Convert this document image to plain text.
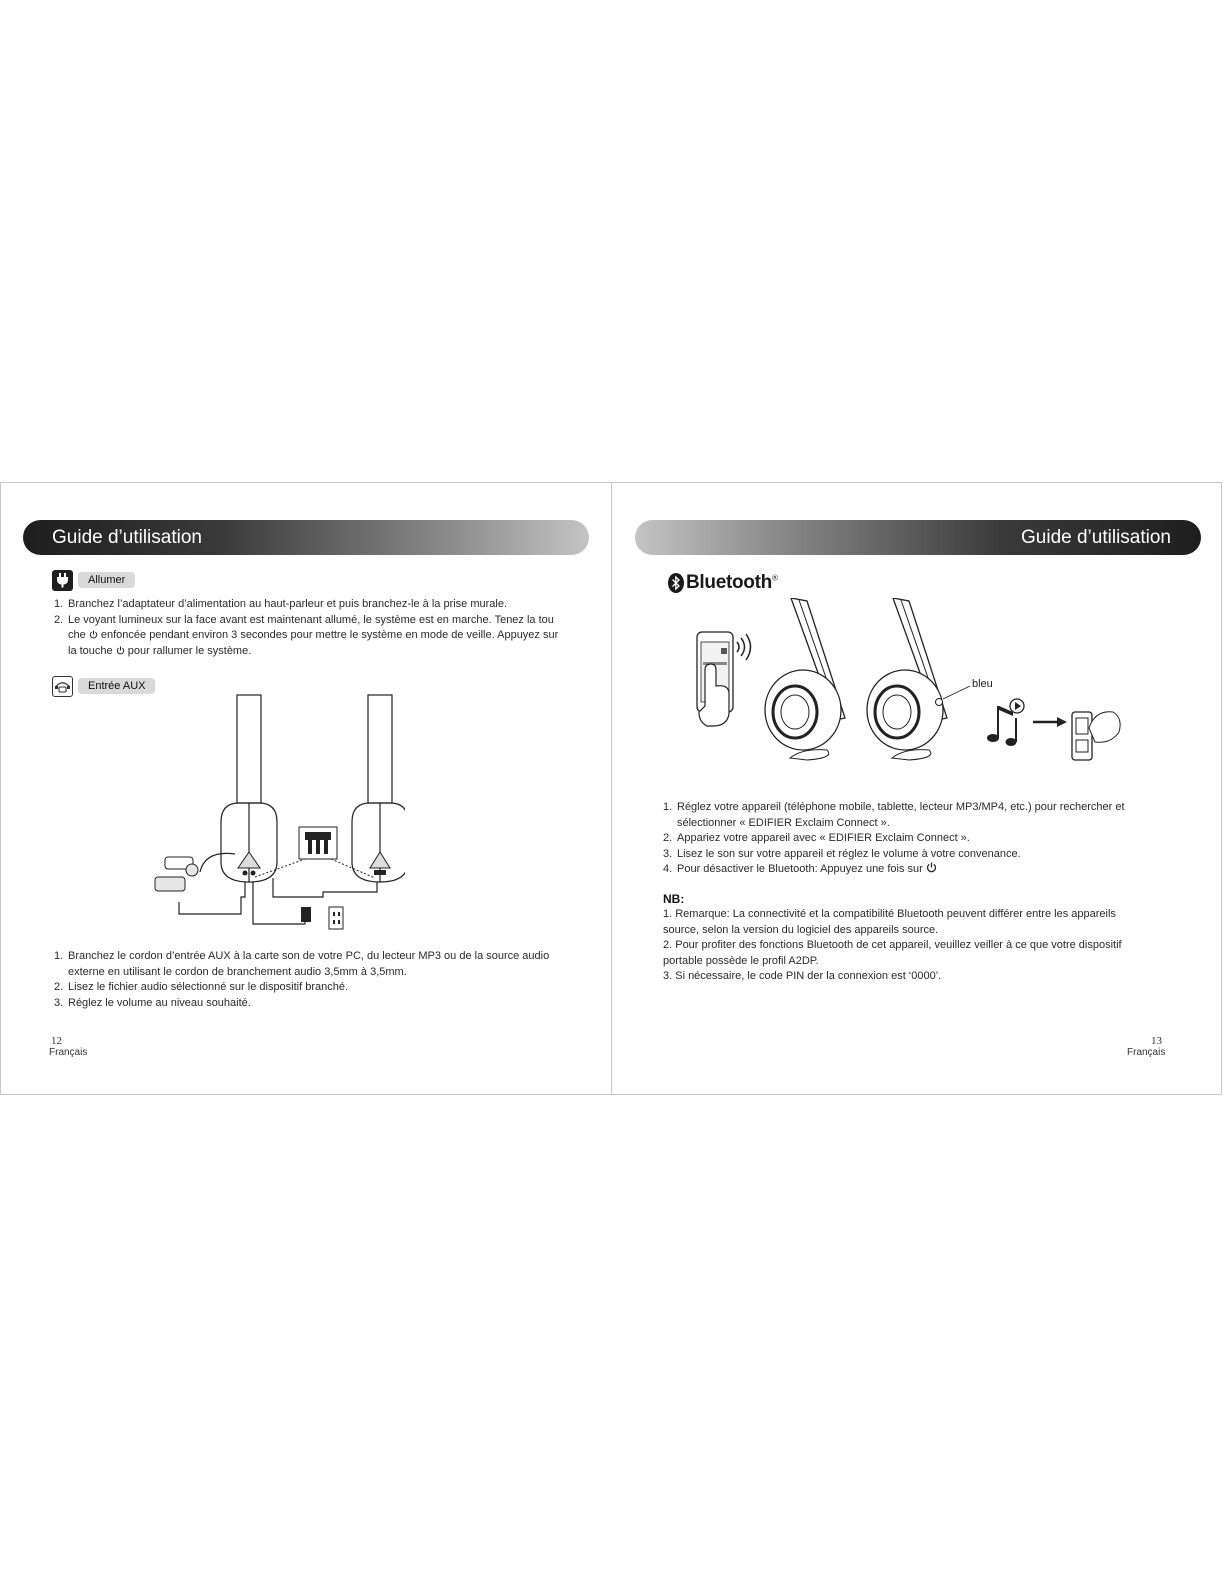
Guide d’utilisation
Allumer
1. Branchez l’adaptateur d’alimentation au haut-parleur et puis branchez-le à la prise murale.
2. Le voyant lumineux sur la face avant est maintenant allumé, le système est en marche. Tenez la tou
che enfoncée pendant environ 3 secondes pour mettre le système en mode de veille. Appuyez sur
la touche pour rallumer le système.
Entrée AUX
1. Branchez le cordon d’entrée AUX à la carte son de votre PC, du lecteur MP3 ou de la source audio
externe en utilisant le cordon de branchement audio 3,5mm à 3,5mm.
2. Lisez le fichier audio sélectionné sur le dispositif branché.
3. Réglez le volume au niveau souhaité.
12
Français
Guide d’utilisation
Bluetooth®
bleu
1. Réglez votre appareil (téléphone mobile, tablette, lecteur MP3/MP4, etc.) pour rechercher et
sélectionner « EDIFIER Exclaim Connect ».
2. Appariez votre appareil avec « EDIFIER Exclaim Connect ».
3. Lisez le son sur votre appareil et réglez le volume à votre convenance.
4. Pour désactiver le Bluetooth: Appuyez une fois sur
NB:

1. Remarque: La connectivité et la compatibilité Bluetooth peuvent différer entre les appareils

source, selon la version du logiciel des appareils source.

2. Pour profiter des fonctions Bluetooth de cet appareil, veuillez veiller à ce que votre dispositif

portable possède le profil A2DP.

3. Si nécessaire, le code PIN der la connexion est ‘0000’.

13
Français
